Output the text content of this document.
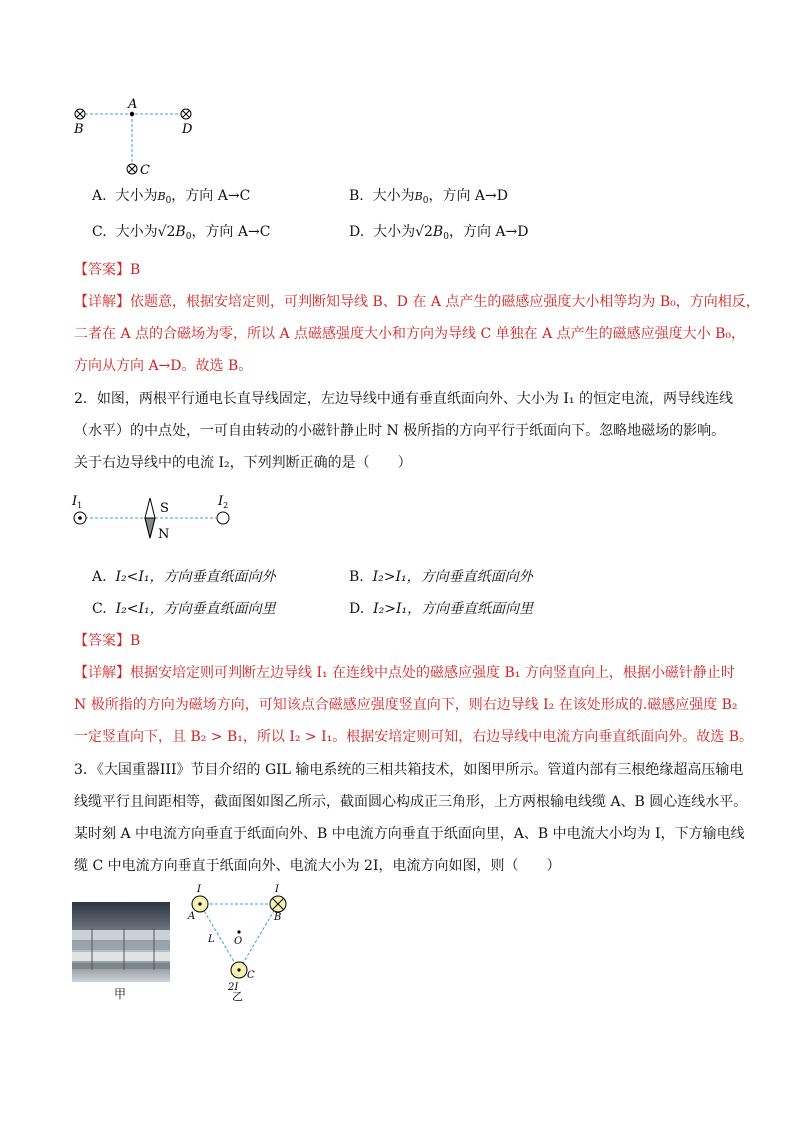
A
B	D
C
A. 大小为$B_0$，方向 A→C	B. 大小为$B_0$，方向 A→D
C. 大小为$√2B_0$，方向 A→C	D. 大小为$√2B_0$，方向 A→D
【答案】B
【详解】依题意，根据安培定则，可判断知导线 B、D 在 A 点产生的磁感应强度大小相等均为 B₀，方向相反，
二者在 A 点的合磁场为零，所以 A 点磁感强度大小和方向为导线 C 单独在 A 点产生的磁感应强度大小 B₀，
方向从方向 A→D。故选 B。
2．如图，两根平行通电长直导线固定，左边导线中通有垂直纸面向外、大小为 I₁ 的恒定电流，两导线连线
（水平）的中点处，一可自由转动的小磁针静止时 N 极所指的方向平行于纸面向下。忽略地磁场的影响。
关于右边导线中的电流 I₂，下列判断正确的是（　　）
$I_1$	$I_2$
S
N
A. I₂<I₁，方向垂直纸面向外	B. I₂>I₁，方向垂直纸面向外
C. I₂<I₁，方向垂直纸面向里	D. I₂>I₁，方向垂直纸面向里
【答案】B
【详解】根据安培定则可判断左边导线 I₁ 在连线中点处的磁感应强度 B₁ 方向竖直向上，根据小磁针静止时
N 极所指的方向为磁场方向，可知该点合磁感应强度竖直向下，则右边导线 I₂ 在该处形成的.磁感应强度 B₂
一定竖直向下，且 B₂ > B₁，所以 I₂ > I₁。根据安培定则可知，右边导线中电流方向垂直纸面向外。故选 B。
3．《大国重器III》节目介绍的 GIL 输电系统的三相共箱技术，如图甲所示。管道内部有三根绝缘超高压输电
线缆平行且间距相等，截面图如图乙所示，截面圆心构成正三角形，上方两根输电线缆 A、B 圆心连线水平。
某时刻 A 中电流方向垂直于纸面向外、B 中电流方向垂直于纸面向里，A、B 中电流大小均为 I，下方输电线
缆 C 中电流方向垂直于纸面向外、电流大小为 2I，电流方向如图，则（　　）
甲
I	I
A	B
L O
C
2I
乙
